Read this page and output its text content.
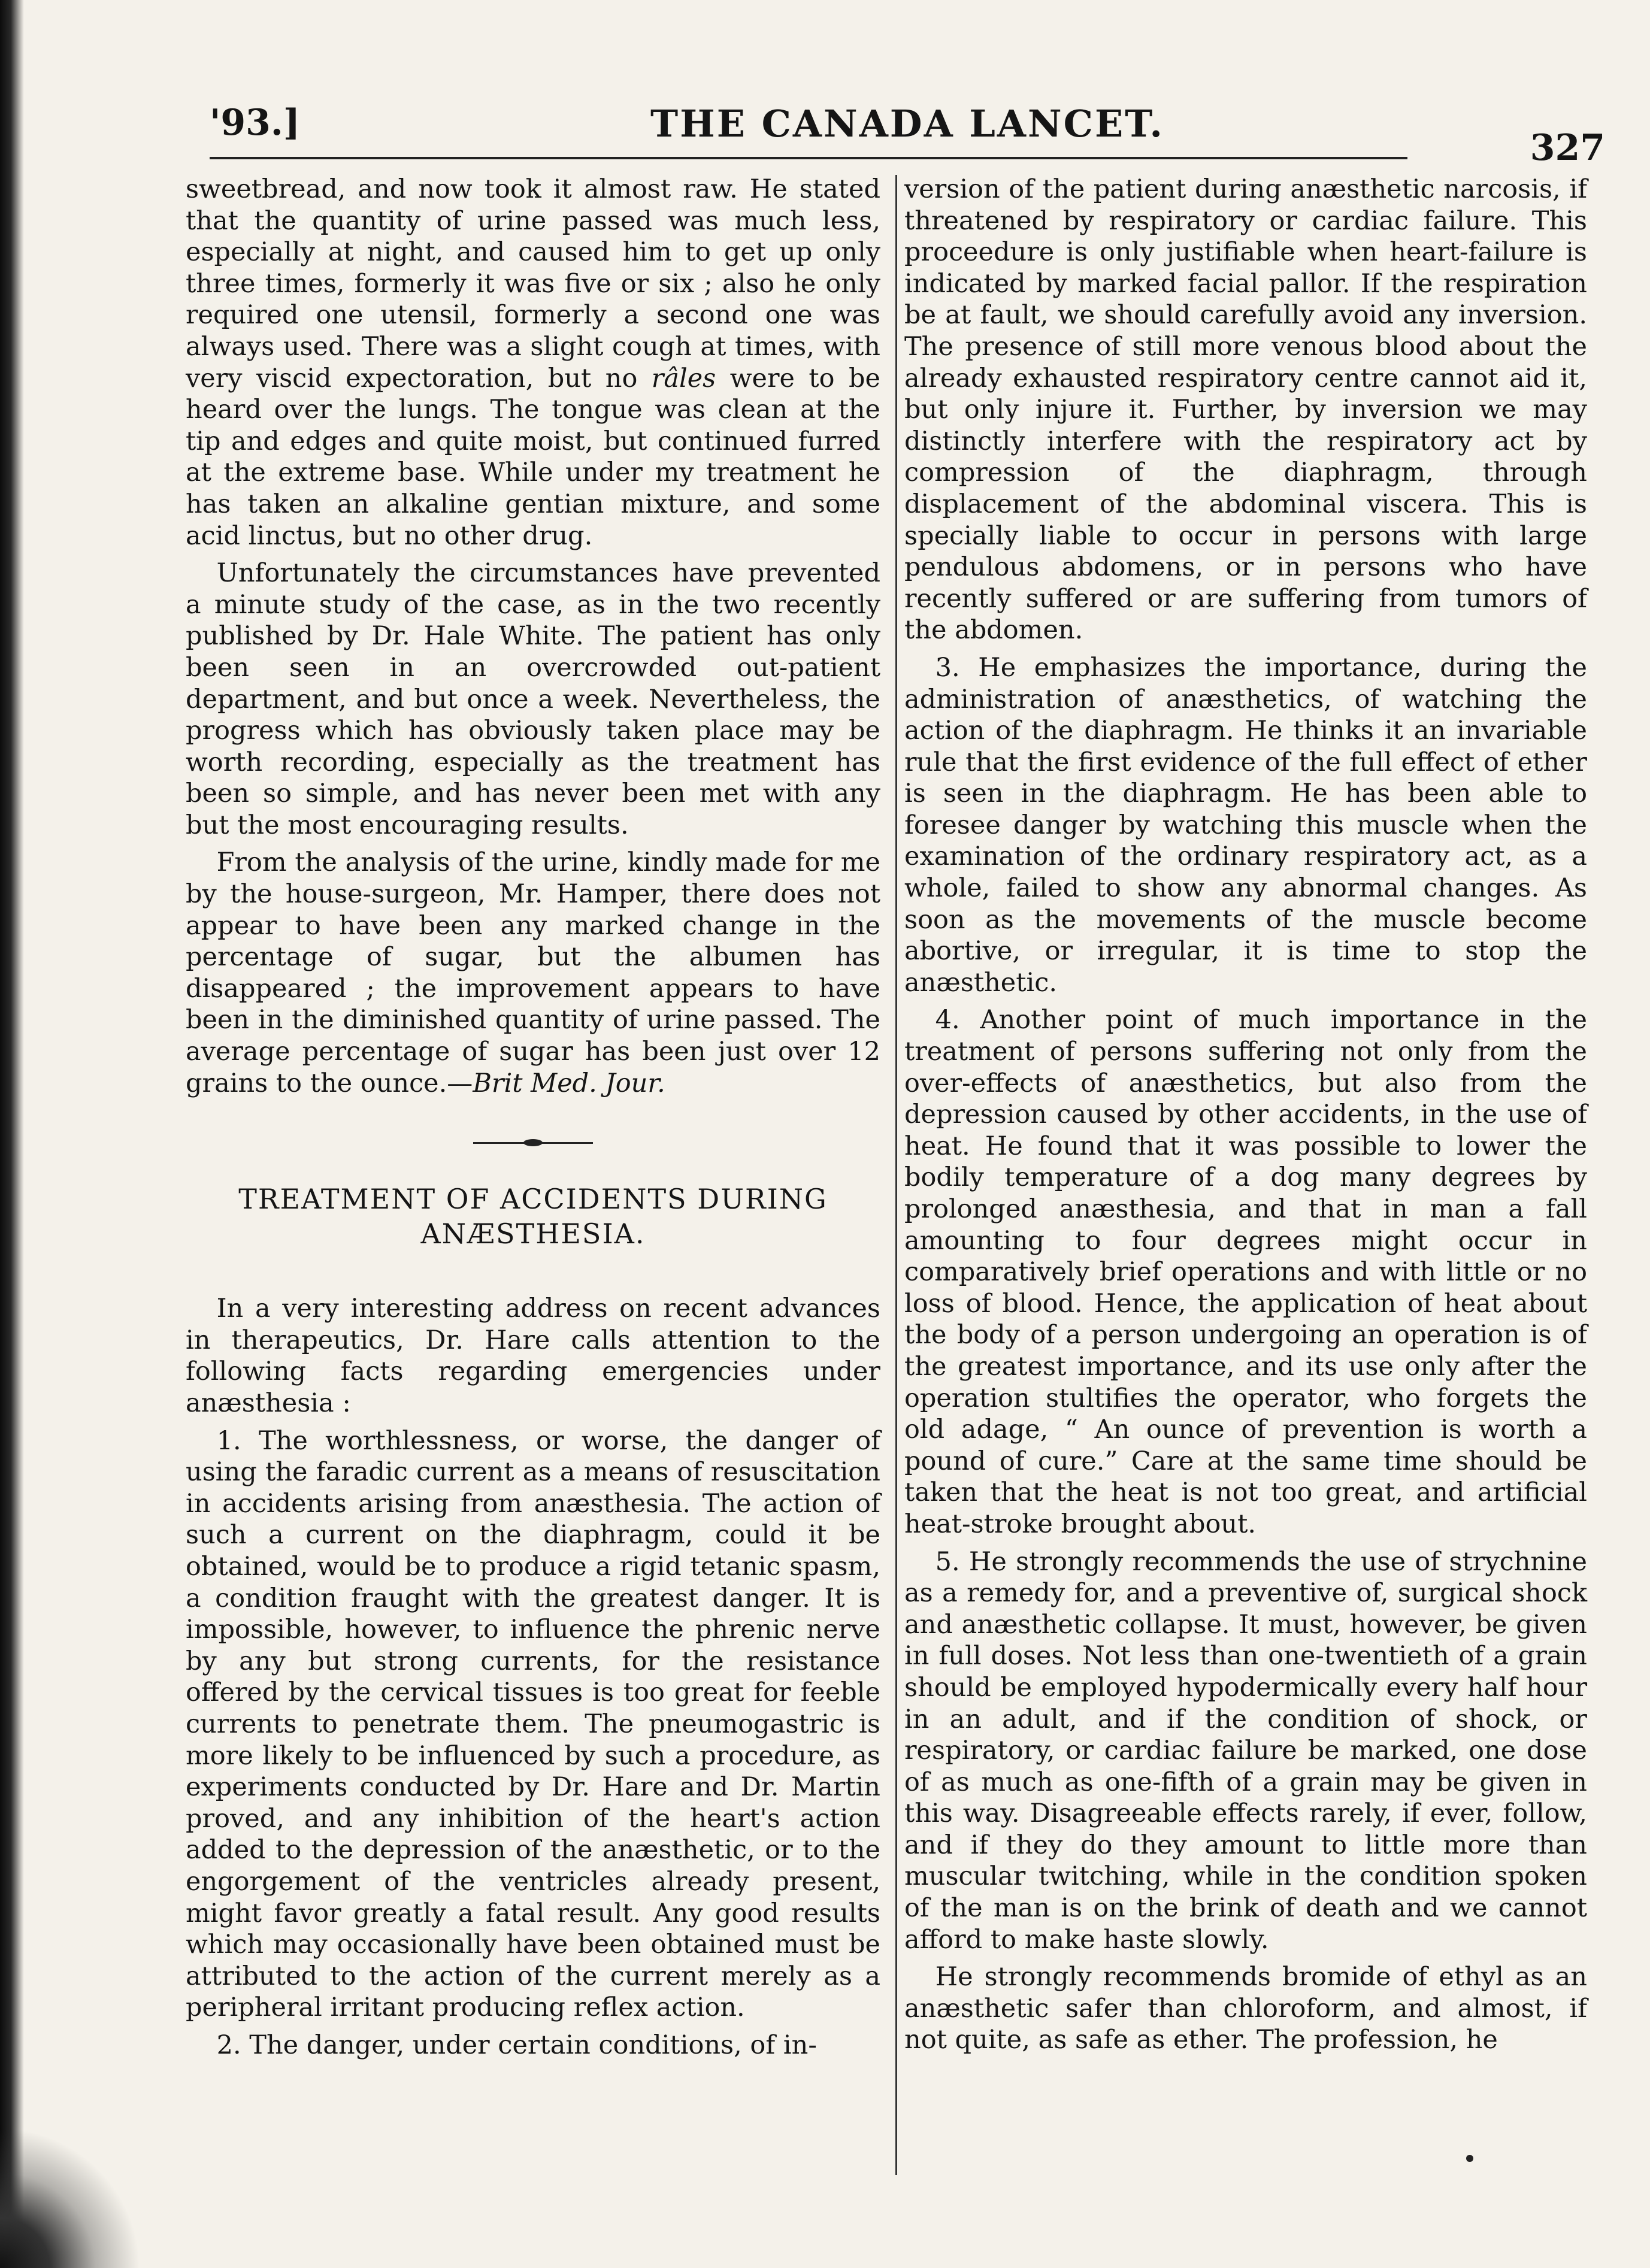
'93.]	THE CANADA LANCET.
327

sweetbread, and now took it almost raw. He stated that the quantity of urine passed was much less, especially at night, and caused him to get up only three times, formerly it was five or six ; also he only required one utensil, formerly a second one was always used. There was a slight cough at times, with very viscid expectoration, but no râles were to be heard over the lungs. The tongue was clean at the tip and edges and quite moist, but continued furred at the extreme base. While under my treatment he has taken an alkaline gentian mixture, and some acid linctus, but no other drug.

Unfortunately the circumstances have prevented a minute study of the case, as in the two recently published by Dr. Hale White. The patient has only been seen in an overcrowded out-patient department, and but once a week. Nevertheless, the progress which has obviously taken place may be worth recording, especially as the treatment has been so simple, and has never been met with any but the most encouraging results.

From the analysis of the urine, kindly made for me by the house-surgeon, Mr. Hamper, there does not appear to have been any marked change in the percentage of sugar, but the albumen has disappeared ; the improvement appears to have been in the diminished quantity of urine passed. The average percentage of sugar has been just over 12 grains to the ounce.—Brit Med. Jour.

TREATMENT OF ACCIDENTS DURING
ANÆSTHESIA.

In a very interesting address on recent advances in therapeutics, Dr. Hare calls attention to the following facts regarding emergencies under anæsthesia :

1. The worthlessness, or worse, the danger of using the faradic current as a means of resuscitation in accidents arising from anæsthesia. The action of such a current on the diaphragm, could it be obtained, would be to produce a rigid tetanic spasm, a condition fraught with the greatest danger. It is impossible, however, to influence the phrenic nerve by any but strong currents, for the resistance offered by the cervical tissues is too great for feeble currents to penetrate them. The pneumogastric is more likely to be influenced by such a procedure, as experiments conducted by Dr. Hare and Dr. Martin proved, and any inhibition of the heart's action added to the depression of the anæsthetic, or to the engorgement of the ventricles already present, might favor greatly a fatal result. Any good results which may occasionally have been obtained must be attributed to the action of the current merely as a peripheral irritant producing reflex action.

2. The danger, under certain conditions, of in-

version of the patient during anæsthetic narcosis, if threatened by respiratory or cardiac failure. This proceedure is only justifiable when heart-failure is indicated by marked facial pallor. If the respiration be at fault, we should carefully avoid any inversion. The presence of still more venous blood about the already exhausted respiratory centre cannot aid it, but only injure it. Further, by inversion we may distinctly interfere with the respiratory act by compression of the diaphragm, through displacement of the abdominal viscera. This is specially liable to occur in persons with large pendulous abdomens, or in persons who have recently suffered or are suffering from tumors of the abdomen.

3. He emphasizes the importance, during the administration of anæsthetics, of watching the action of the diaphragm. He thinks it an invariable rule that the first evidence of the full effect of ether is seen in the diaphragm. He has been able to foresee danger by watching this muscle when the examination of the ordinary respiratory act, as a whole, failed to show any abnormal changes. As soon as the movements of the muscle become abortive, or irregular, it is time to stop the anæsthetic.

4. Another point of much importance in the treatment of persons suffering not only from the over-effects of anæsthetics, but also from the depression caused by other accidents, in the use of heat. He found that it was possible to lower the bodily temperature of a dog many degrees by prolonged anæsthesia, and that in man a fall amounting to four degrees might occur in comparatively brief operations and with little or no loss of blood. Hence, the application of heat about the body of a person undergoing an operation is of the greatest importance, and its use only after the operation stultifies the operator, who forgets the old adage, “ An ounce of prevention is worth a pound of cure.” Care at the same time should be taken that the heat is not too great, and artificial heat-stroke brought about.

5. He strongly recommends the use of strychnine as a remedy for, and a preventive of, surgical shock and anæsthetic collapse. It must, however, be given in full doses. Not less than one-twentieth of a grain should be employed hypodermically every half hour in an adult, and if the condition of shock, or respiratory, or cardiac failure be marked, one dose of as much as one-fifth of a grain may be given in this way. Disagreeable effects rarely, if ever, follow, and if they do they amount to little more than muscular twitching, while in the condition spoken of the man is on the brink of death and we cannot afford to make haste slowly.

He strongly recommends bromide of ethyl as an anæsthetic safer than chloroform, and almost, if not quite, as safe as ether. The profession, he
